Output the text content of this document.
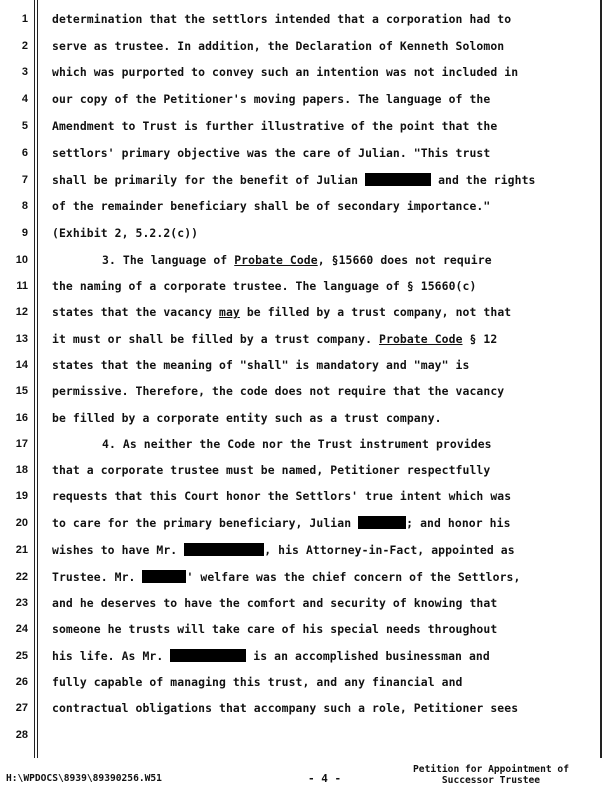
1
2
3
4
5
6
7
8
9
10
11
12
13
14
15
16
17
18
19
20
21
22
23
24
25
26
27
28
determination that the settlors intended that a corporation had to
serve as trustee. In addition, the Declaration of Kenneth Solomon
which was purported to convey such an intention was not included in
our copy of the Petitioner's moving papers. The language of the
Amendment to Trust is further illustrative of the point that the
settlors' primary objective was the care of Julian. "This trust
shall be primarily for the benefit of Julian	and the rights
of the remainder beneficiary shall be of secondary importance."
(Exhibit 2, 5.2.2(c))
3. The language of Probate Code, §15660 does not require
the naming of a corporate trustee. The language of § 15660(c)
states that the vacancy may be filled by a trust company, not that
it must or shall be filled by a trust company. Probate Code § 12
states that the meaning of "shall" is mandatory and "may" is
permissive. Therefore, the code does not require that the vacancy
be filled by a corporate entity such as a trust company.
4. As neither the Code nor the Trust instrument provides
that a corporate trustee must be named, Petitioner respectfully
requests that this Court honor the Settlors' true intent which was
to care for the primary beneficiary, Julian	; and honor his
wishes to have Mr.	, his Attorney-in-Fact, appointed as
Trustee. Mr.	' welfare was the chief concern of the Settlors,
and he deserves to have the comfort and security of knowing that
someone he trusts will take care of his special needs throughout
his life. As Mr.	is an accomplished businessman and
fully capable of managing this trust, and any financial and
contractual obligations that accompany such a role, Petitioner sees
H:\WPDOCS\8939\89390256.W51	- 4 -
Petition for Appointment of
Successor Trustee
